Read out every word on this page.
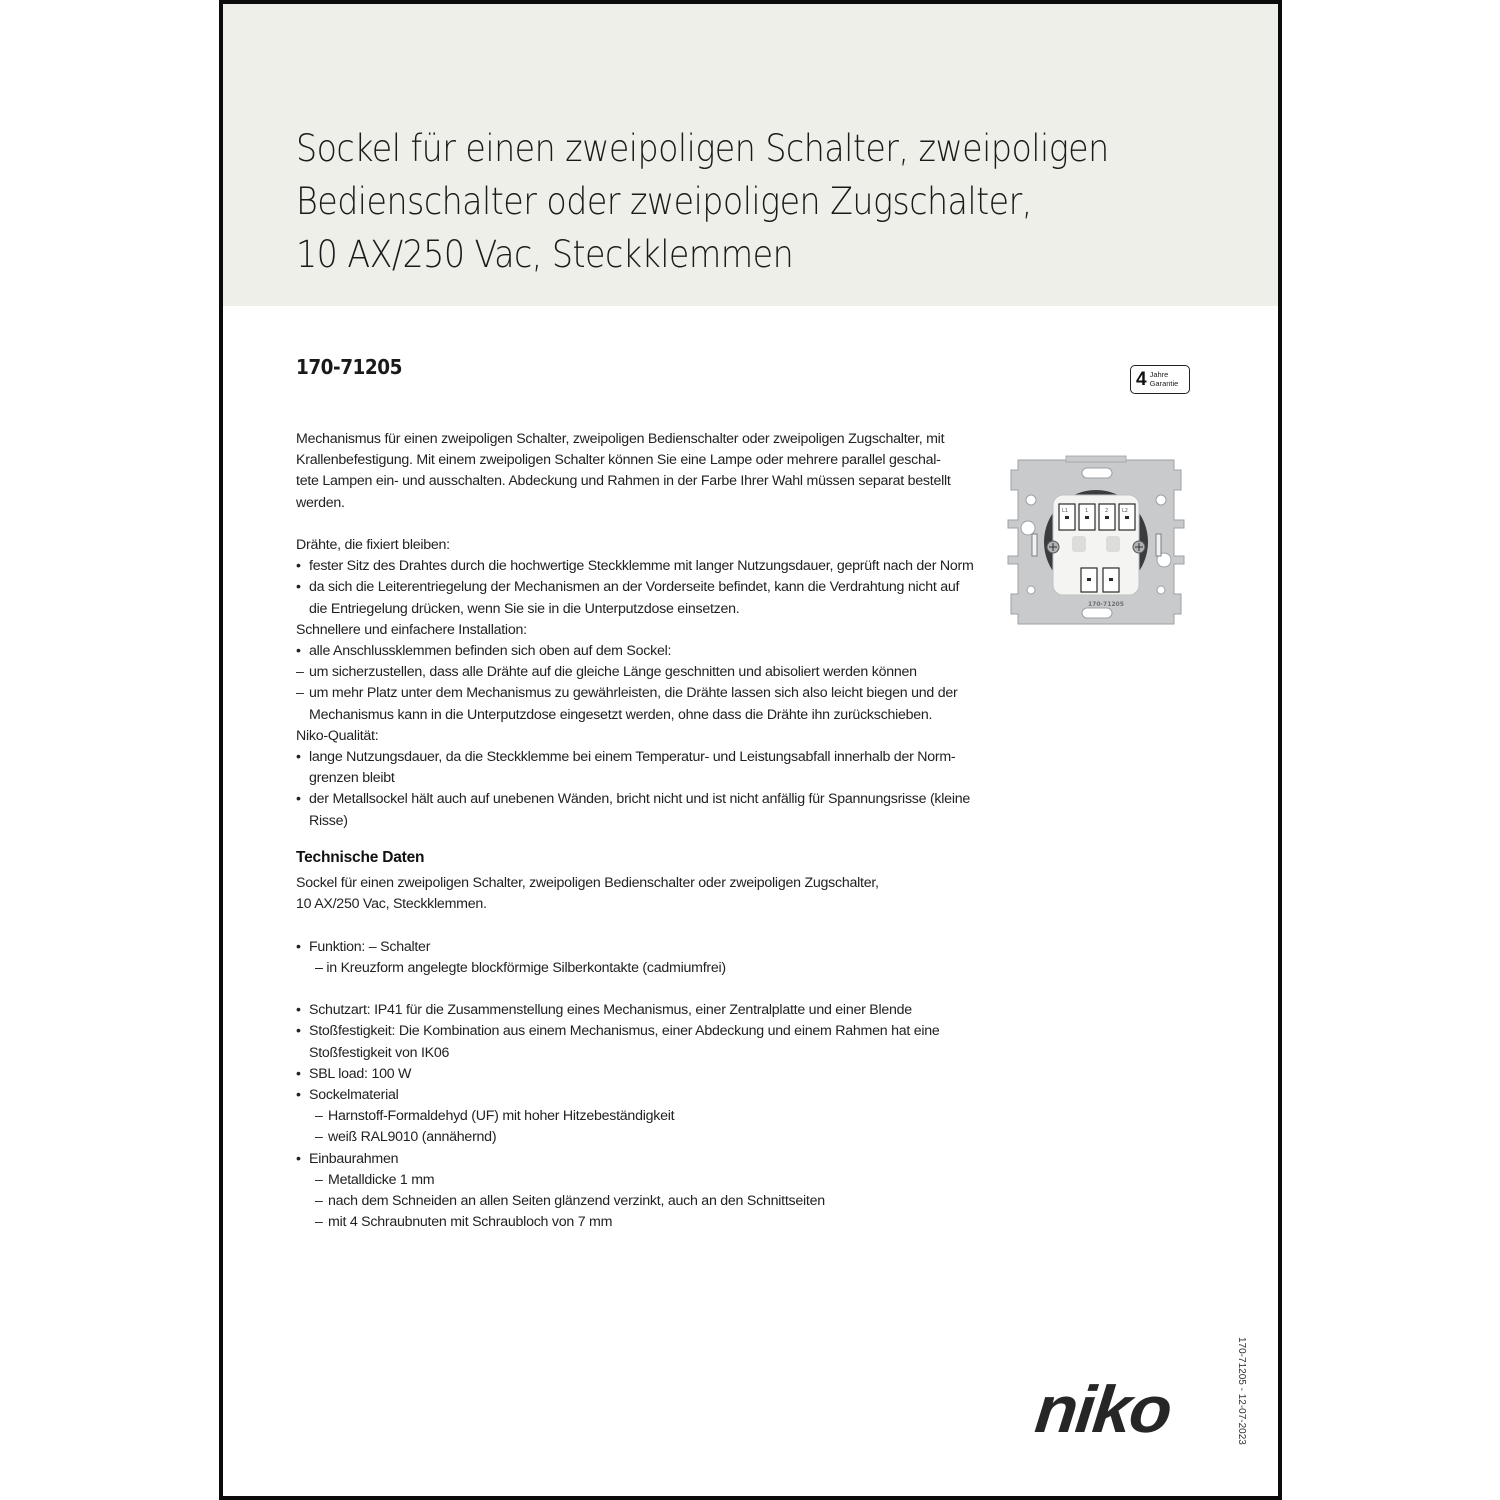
Sockel für einen zweipoligen Schalter, zweipoligen
Bedienschalter oder zweipoligen Zugschalter,
10 AX/250 Vac, Steckklemmen
170-71205
4 Jahre
Garantie

Mechanismus für einen zweipoligen Schalter, zweipoligen Bedienschalter oder zweipoligen Zugschalter, mit

Krallenbefestigung. Mit einem zweipoligen Schalter können Sie eine Lampe oder mehrere parallel geschal-

tete Lampen ein- und ausschalten. Abdeckung und Rahmen in der Farbe Ihrer Wahl müssen separat bestellt

werden.

Drähte, die fixiert bleiben:

• fester Sitz des Drahtes durch die hochwertige Steckklemme mit langer Nutzungsdauer, geprüft nach der Norm

• da sich die Leiterentriegelung der Mechanismen an der Vorderseite befindet, kann die Verdrahtung nicht auf die Entriegelung drücken, wenn Sie sie in die Unterputzdose einsetzen.

Schnellere und einfachere Installation:

• alle Anschlussklemmen befinden sich oben auf dem Sockel:

– um sicherzustellen, dass alle Drähte auf die gleiche Länge geschnitten und abisoliert werden können

– um mehr Platz unter dem Mechanismus zu gewährleisten, die Drähte lassen sich also leicht biegen und der Mechanismus kann in die Unterputzdose eingesetzt werden, ohne dass die Drähte ihn zurückschieben.

Niko-Qualität:

• lange Nutzungsdauer, da die Steckklemme bei einem Temperatur- und Leistungsabfall innerhalb der Norm-grenzen bleibt

• der Metallsockel hält auch auf unebenen Wänden, bricht nicht und ist nicht anfällig für Spannungsrisse (kleine Risse)

Technische Daten

Sockel für einen zweipoligen Schalter, zweipoligen Bedienschalter oder zweipoligen Zugschalter,

10 AX/250 Vac, Steckklemmen.

• Funktion: – Schalter

– – in Kreuzform angelegte blockförmige Silberkontakte (cadmiumfrei)

• Schutzart: IP41 für die Zusammenstellung eines Mechanismus, einer Zentralplatte und einer Blende

• Stoßfestigkeit: Die Kombination aus einem Mechanismus, einer Abdeckung und einem Rahmen hat eine Stoßfestigkeit von IK06

• SBL load: 100 W

• Sockelmaterial

– Harnstoff-Formaldehyd (UF) mit hoher Hitzebeständigkeit

– weiß RAL9010 (annähernd)

• Einbaurahmen

– Metalldicke 1 mm

– nach dem Schneiden an allen Seiten glänzend verzinkt, auch an den Schnittseiten

– mit 4 Schraubnuten mit Schraubloch von 7 mm

L1	1	2	L2
170-71205
niko	170-71205 - 12-07-2023
